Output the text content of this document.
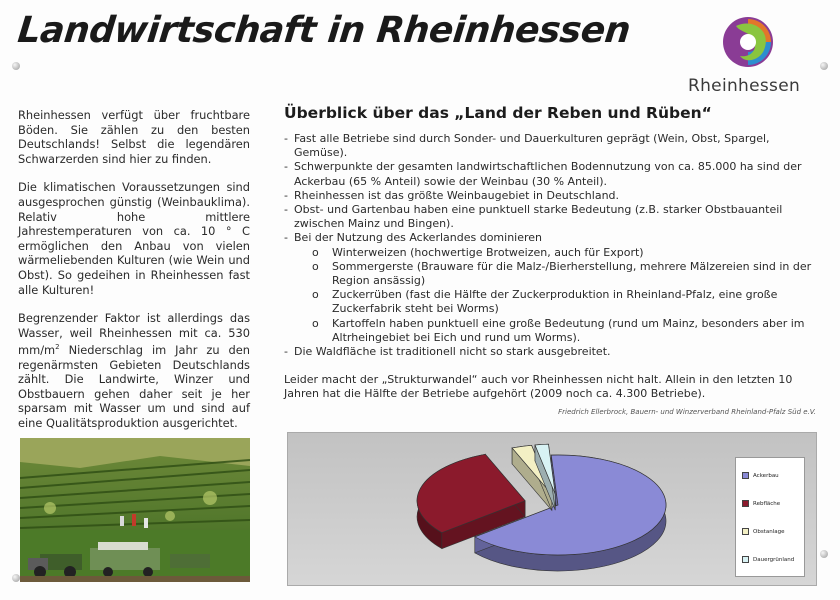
Landwirtschaft in Rheinhessen
Rheinhessen

Rheinhessen verfügt über fruchtbare Böden. Sie zählen zu den besten Deutschlands! Selbst die legendären Schwarzerden sind hier zu finden.

Die klimatischen Voraussetzungen sind ausgesprochen günstig (Weinbauklima). Relativ hohe mittlere Jahrestemperaturen von ca. 10 ° C ermöglichen den Anbau von vielen wärmeliebenden Kulturen (wie Wein und Obst). So gedeihen in Rheinhessen fast alle Kulturen!

Begrenzender Faktor ist allerdings das Wasser, weil Rheinhessen mit ca. 530 $mm/m^2$ Niederschlag im Jahr zu den regenärmsten Gebieten Deutschlands zählt. Die Landwirte, Winzer und Obstbauern gehen daher seit je her sparsam mit Wasser um und sind auf eine Qualitätsproduktion ausgerichtet.

Überblick über das „Land der Reben und Rüben“
- Fast alle Betriebe sind durch Sonder- und Dauerkulturen geprägt (Wein, Obst, Spargel, Gemüse).
- Schwerpunkte der gesamten landwirtschaftlichen Bodennutzung von ca. 85.000 ha sind der Ackerbau (65 % Anteil) sowie der Weinbau (30 % Anteil).
- Rheinhessen ist das größte Weinbaugebiet in Deutschland.
- Obst- und Gartenbau haben eine punktuell starke Bedeutung (z.B. starker Obstbauanteil zwischen Mainz und Bingen).
- Bei der Nutzung des Ackerlandes dominieren
o Winterweizen (hochwertige Brotweizen, auch für Export)
o Sommergerste (Brauware für die Malz-/Bierherstellung, mehrere Mälzereien sind in der Region ansässig)
o Zuckerrüben (fast die Hälfte der Zuckerproduktion in Rheinland-Pfalz, eine große Zuckerfabrik steht bei Worms)
o Kartoffeln haben punktuell eine große Bedeutung (rund um Mainz, besonders aber im Altrheingebiet bei Eich und rund um Worms).
- Die Waldfläche ist traditionell nicht so stark ausgebreitet.
Leider macht der „Strukturwandel“ auch vor Rheinhessen nicht halt. Allein in den letzten 10 Jahren hat die Hälfte der Betriebe aufgehört (2009 noch ca. 4.300 Betriebe).
Friedrich Ellerbrock, Bauern- und Winzerverband Rheinland-Pfalz Süd e.V.
Ackerbau
Rebfläche
Obstanlage
Dauergrünland
